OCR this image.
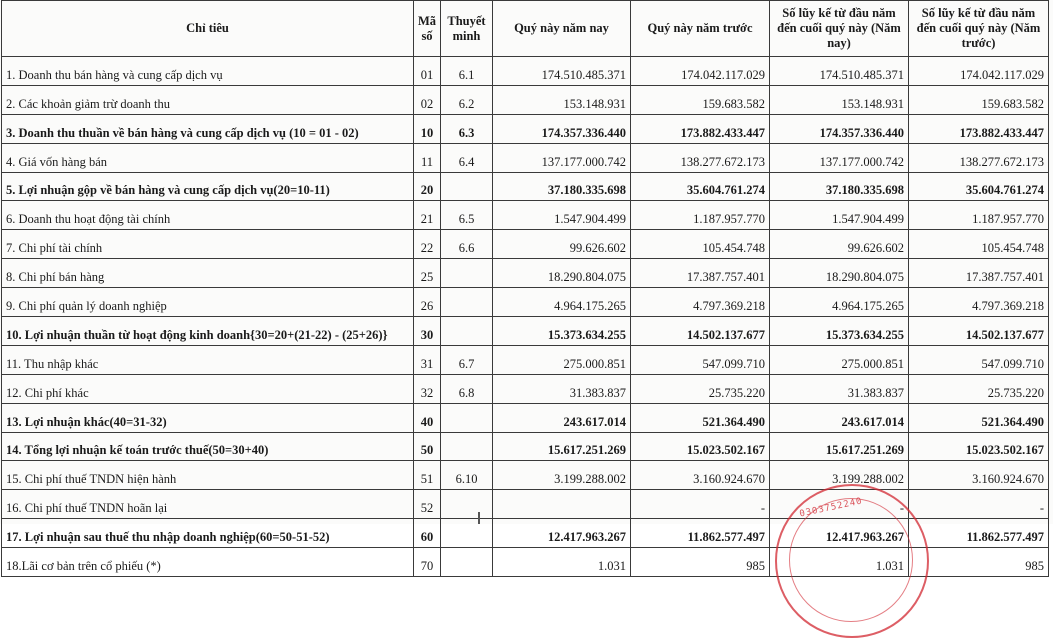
Chỉ tiêu	Mã số	Thuyết minh	Quý này năm nay	Quý này năm trước	Số lũy kế từ đầu năm đến cuối quý này (Năm nay)	Số lũy kế từ đầu năm đến cuối quý này (Năm trước)
1. Doanh thu bán hàng và cung cấp dịch vụ	01	6.1	174.510.485.371	174.042.117.029	174.510.485.371	174.042.117.029
2. Các khoản giảm trừ doanh thu	02	6.2	153.148.931	159.683.582	153.148.931	159.683.582
3. Doanh thu thuần về bán hàng và cung cấp dịch vụ (10 = 01 - 02)	10	6.3	174.357.336.440	173.882.433.447	174.357.336.440	173.882.433.447
4. Giá vốn hàng bán	11	6.4	137.177.000.742	138.277.672.173	137.177.000.742	138.277.672.173
5. Lợi nhuận gộp về bán hàng và cung cấp dịch vụ(20=10-11)	20		37.180.335.698	35.604.761.274	37.180.335.698	35.604.761.274
6. Doanh thu hoạt động tài chính	21	6.5	1.547.904.499	1.187.957.770	1.547.904.499	1.187.957.770
7. Chi phí tài chính	22	6.6	99.626.602	105.454.748	99.626.602	105.454.748
8. Chi phí bán hàng	25		18.290.804.075	17.387.757.401	18.290.804.075	17.387.757.401
9. Chi phí quản lý doanh nghiệp	26		4.964.175.265	4.797.369.218	4.964.175.265	4.797.369.218
10. Lợi nhuận thuần từ hoạt động kinh doanh{30=20+(21-22) - (25+26)}	30		15.373.634.255	14.502.137.677	15.373.634.255	14.502.137.677
11. Thu nhập khác	31	6.7	275.000.851	547.099.710	275.000.851	547.099.710
12. Chi phí khác	32	6.8	31.383.837	25.735.220	31.383.837	25.735.220
13. Lợi nhuận khác(40=31-32)	40		243.617.014	521.364.490	243.617.014	521.364.490
14. Tổng lợi nhuận kế toán trước thuế(50=30+40)	50		15.617.251.269	15.023.502.167	15.617.251.269	15.023.502.167
15. Chi phí thuế TNDN hiện hành	51	6.10	3.199.288.002	3.160.924.670	3.199.288.002	3.160.924.670
16. Chi phí thuế TNDN hoãn lại	52			-	-	-
17. Lợi nhuận sau thuế thu nhập doanh nghiệp(60=50-51-52)	60		12.417.963.267	11.862.577.497	12.417.963.267	11.862.577.497
18.Lãi cơ bản trên cổ phiếu (*)	70		1.031	985	1.031	985
0303752240
